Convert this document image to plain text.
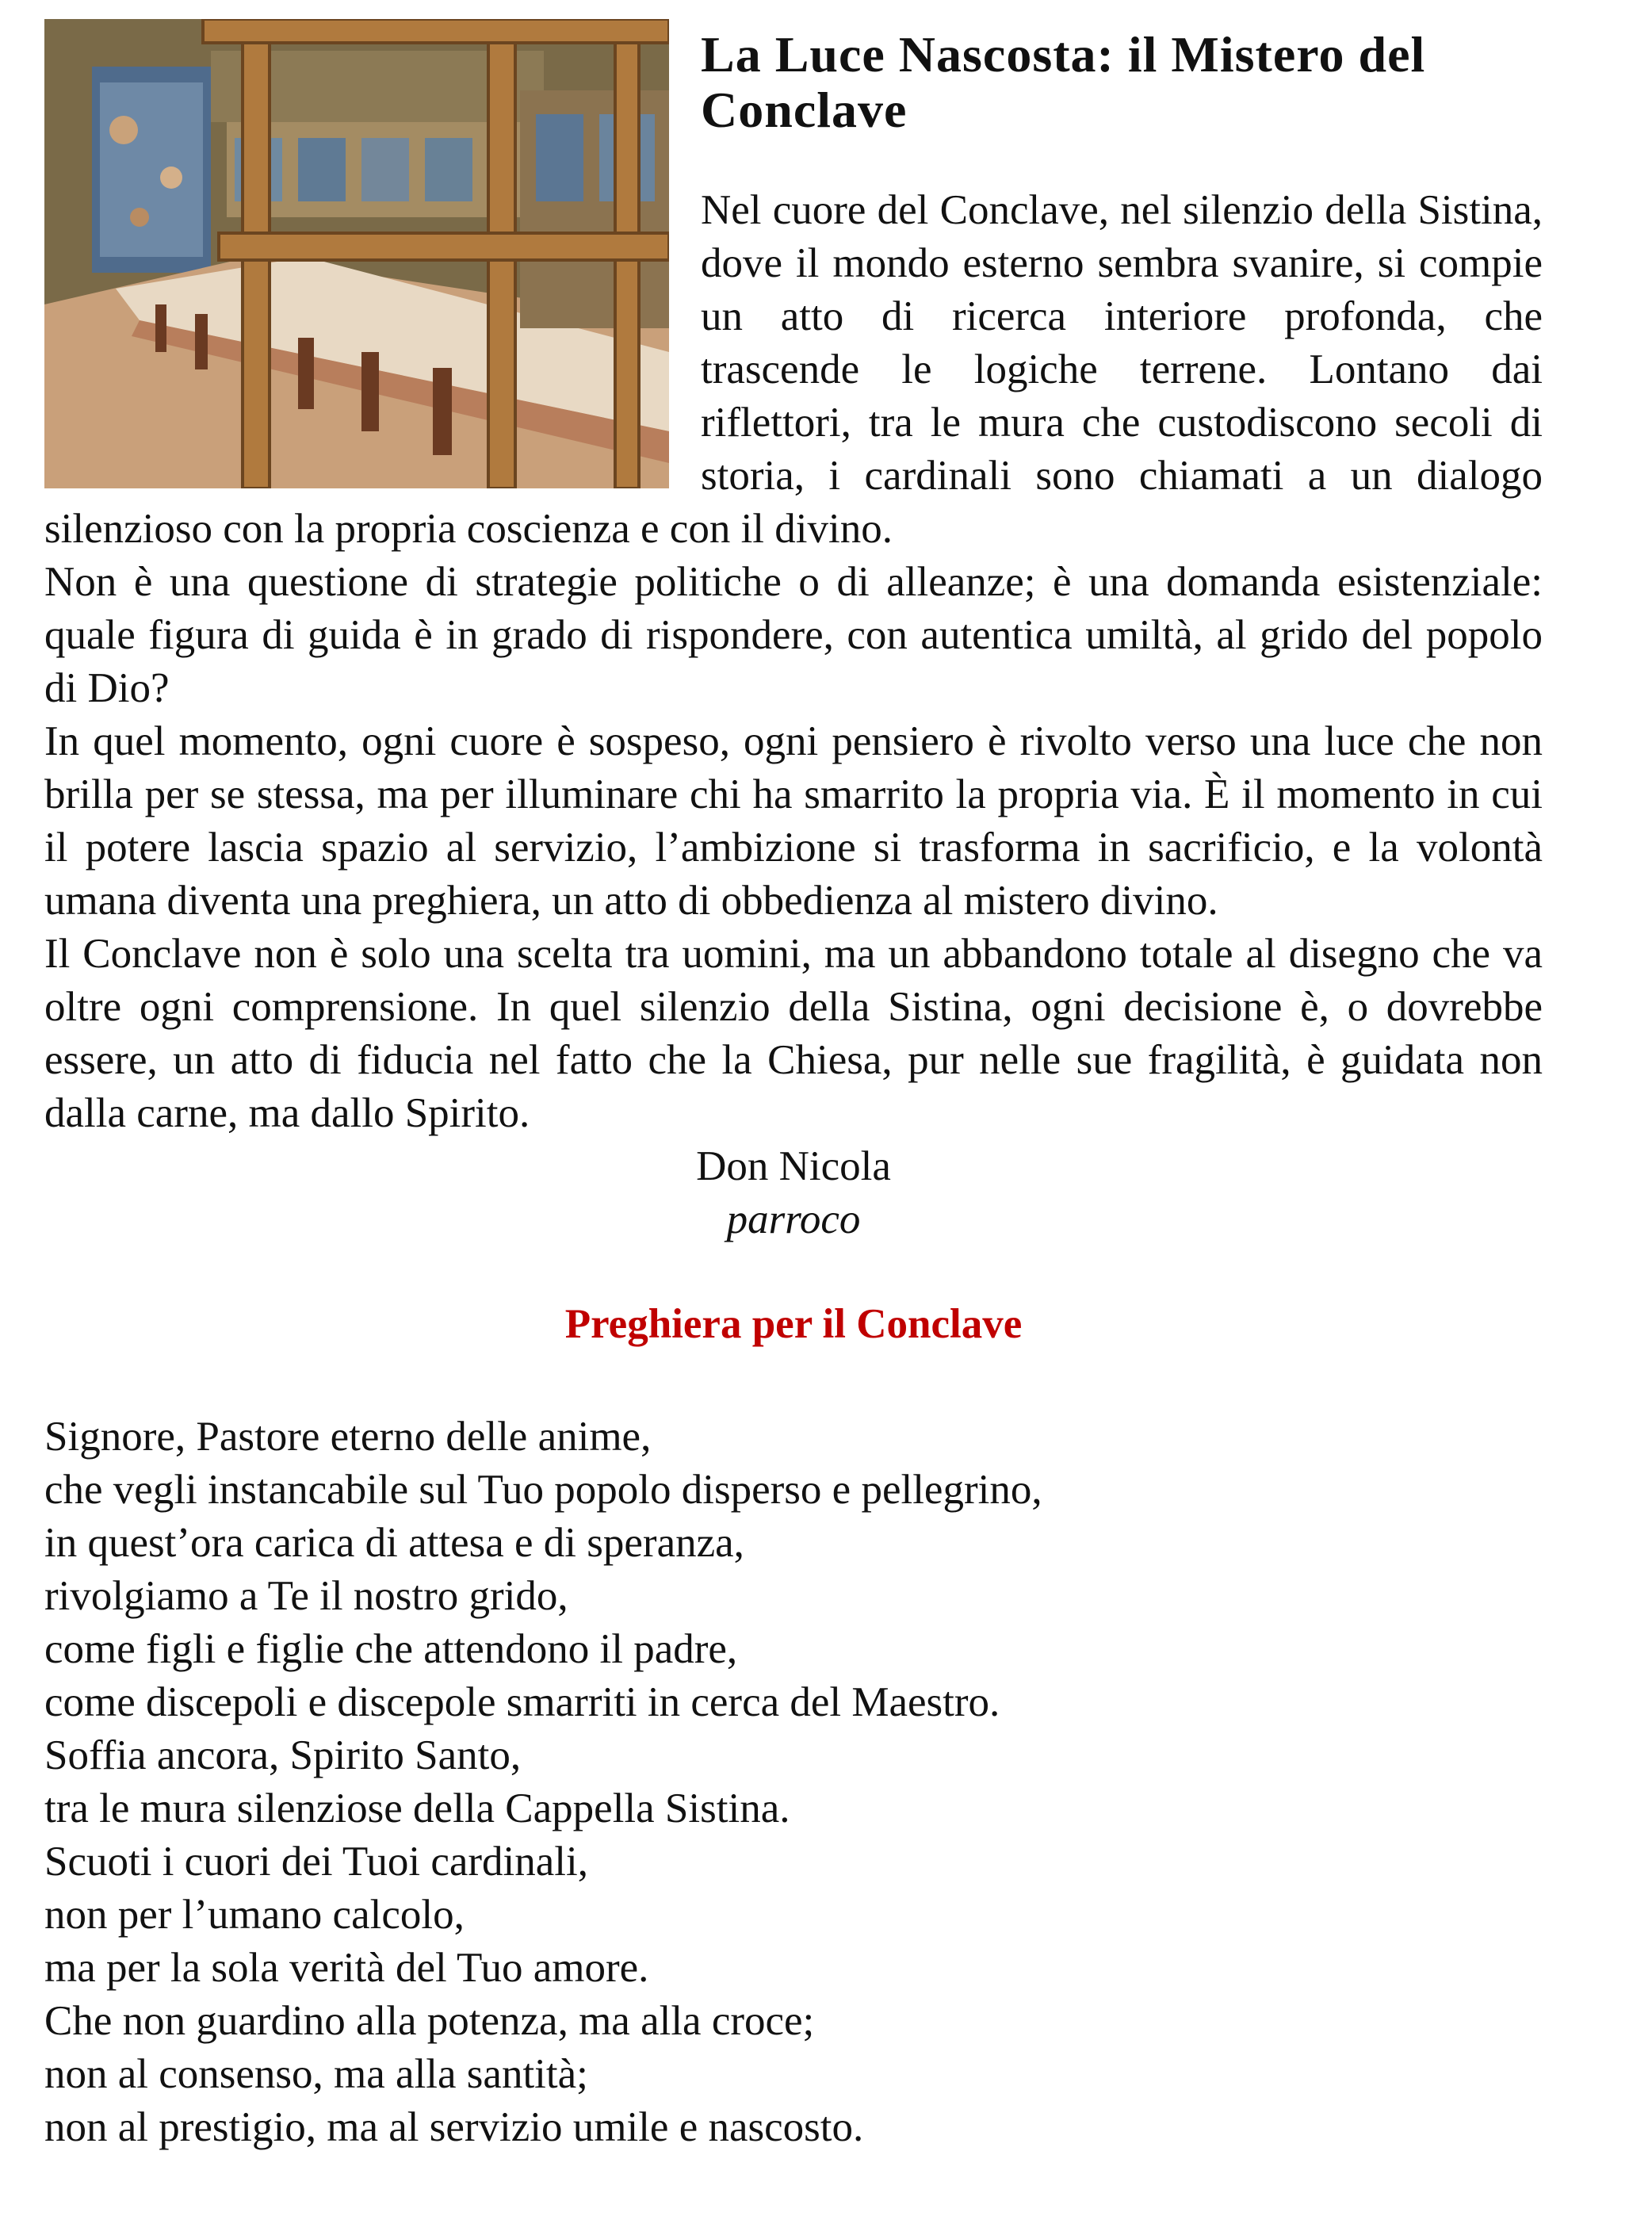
La Luce Nascosta: il Mistero del Conclave

Nel cuore del Conclave, nel silenzio della Sistina, dove il mondo esterno sembra svanire, si compie un atto di ricerca interiore profonda, che trascende le logiche terrene. Lontano dai riflettori, tra le mura che custodiscono secoli di storia, i cardinali sono chiamati a un dialogo silenzioso con la propria coscienza e con il divino.

Non è una questione di strategie politiche o di alleanze; è una domanda esistenziale: quale figura di guida è in grado di rispondere, con autentica umiltà, al grido del popolo di Dio?

In quel momento, ogni cuore è sospeso, ogni pensiero è rivolto verso una luce che non brilla per se stessa, ma per illuminare chi ha smarrito la propria via. È il momento in cui il potere lascia spazio al servizio, l’ambizione si trasforma in sacrificio, e la volontà umana diventa una preghiera, un atto di obbedienza al mistero divino.

Il Conclave non è solo una scelta tra uomini, ma un abbandono totale al disegno che va oltre ogni comprensione. In quel silenzio della Sistina, ogni decisione è, o dovrebbe essere, un atto di fiducia nel fatto che la Chiesa, pur nelle sue fragilità, è guidata non dalla carne, ma dallo Spirito.

Don Nicola

parroco

Preghiera per il Conclave

Signore, Pastore eterno delle anime,

che vegli instancabile sul Tuo popolo disperso e pellegrino,

in quest’ora carica di attesa e di speranza,

rivolgiamo a Te il nostro grido,

come figli e figlie che attendono il padre,

come discepoli e discepole smarriti in cerca del Maestro.

Soffia ancora, Spirito Santo,

tra le mura silenziose della Cappella Sistina.

Scuoti i cuori dei Tuoi cardinali,

non per l’umano calcolo,

ma per la sola verità del Tuo amore.

Che non guardino alla potenza, ma alla croce;

non al consenso, ma alla santità;

non al prestigio, ma al servizio umile e nascosto.
